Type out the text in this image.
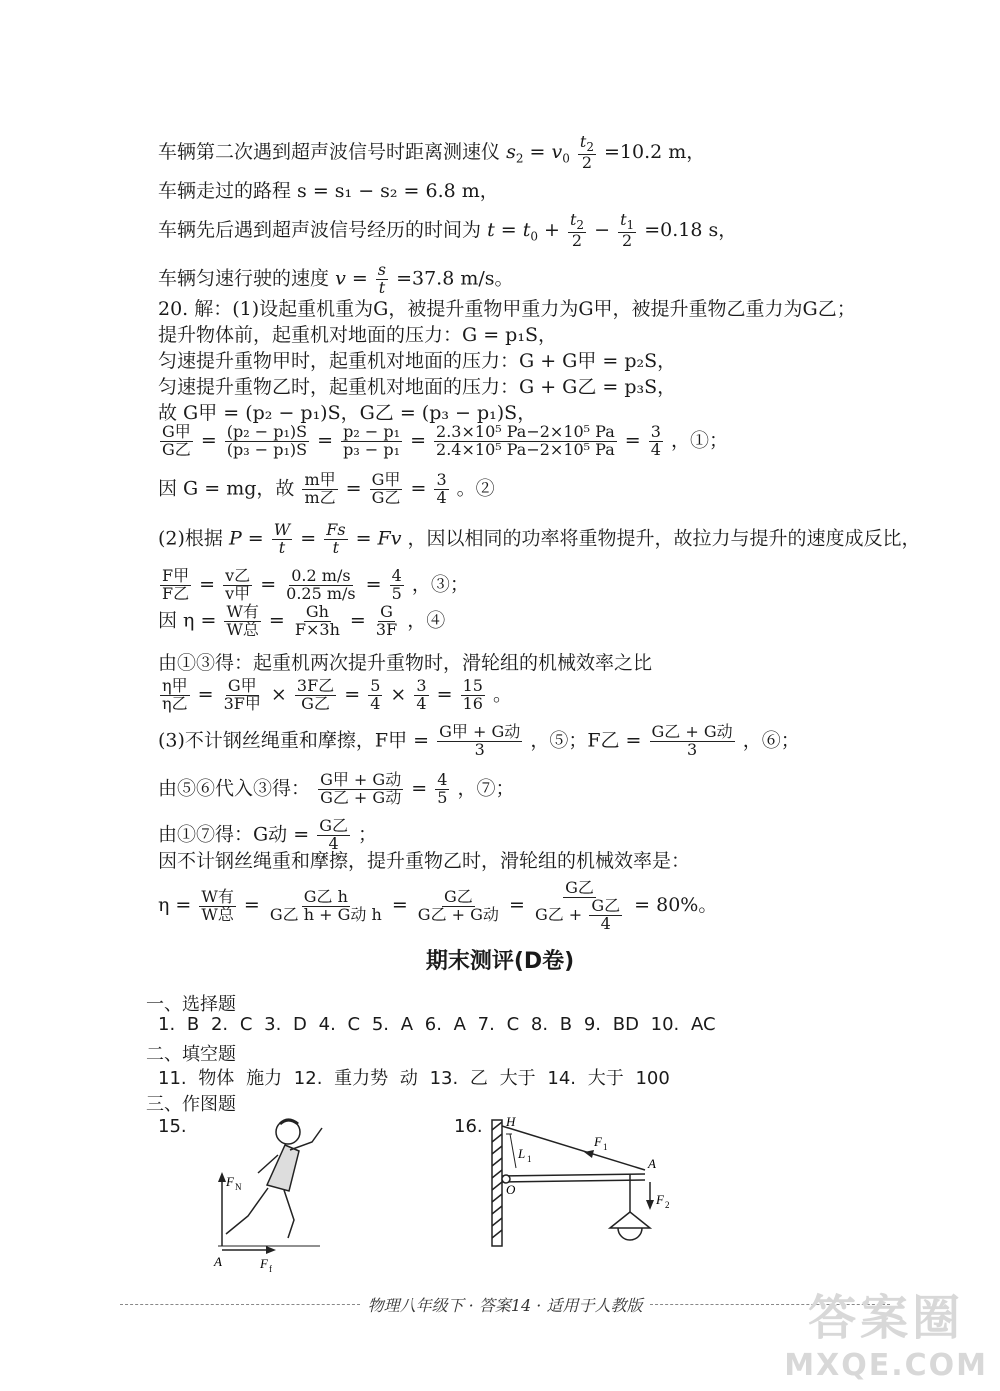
车辆第二次遇到超声波信号时距离测速仪 $s_2 = v_0 \frac{t_2}{2} =10.2$ m，
车辆走过的路程 s = s₁ − s₂ = 6.8 m，
车辆先后遇到超声波信号经历的时间为 $t = t_0 + \frac{t_2}{2} - \frac{t_1}{2} =0.18$ s，
车辆匀速行驶的速度 $v = \frac{s}{t} =37.8$ m/s。
20. 解：(1)设起重机重为G，被提升重物甲重力为G甲，被提升重物乙重力为G乙；
提升物体前，起重机对地面的压力：G = p₁S，
匀速提升重物甲时，起重机对地面的压力：G + G甲 = p₂S，
匀速提升重物乙时，起重机对地面的压力：G + G乙 = p₃S，
故 G甲 = (p₂ − p₁)S，G乙 = (p₃ − p₁)S，
G甲
G乙 = $\frac{\text{(p₂ − p₁)S}}{\text{(p₃ − p₁)S}} = \frac{\text{p₂ − p₁}}{\text{p₃ − p₁}} = \frac{\text{2.3×10⁵ Pa−2×10⁵ Pa}}{\text{2.4×10⁵ Pa−2×10⁵ Pa}} = \frac{3}{4}$ ，①；
因 G = mg，故 m甲
m乙 = G甲
G乙 = $\frac{3}{4}$ 。②
(2)根据 $P = \frac{W}{t} = \frac{Fs}{t} = Fv$ ，因以相同的功率将重物提升，故拉力与提升的速度成反比，
F甲
F乙 = v乙
v甲 = $\frac{0.2 m/s}{0.25 m/s} = \frac{4}{5}$ ，③；
因 η = W有
W总 = $\frac{Gh}{F\times 3h} = \frac{G}{3F}$ ，④
由①③得：起重机两次提升重物时，滑轮组的机械效率之比
η甲
η乙 = G甲
3F甲 × 3F乙
G乙 = $\frac{5}{4} \times \frac{3}{4} = \frac{15}{16}$ 。
(3)不计钢丝绳重和摩擦，F甲 = G甲 + G动
3 ，⑤；F乙 = G乙 + G动
3 ，⑥；
由⑤⑥代入③得： G甲 + G动
G乙 + G动 = $\frac{4}{5}$ ，⑦；
由①⑦得：G动 = G乙
4 ；
因不计钢丝绳重和摩擦，提升重物乙时，滑轮组的机械效率是：
η = W有
W总 = G乙 h
G乙 h + G动 h = G乙
G乙 + G动 =
G乙
G乙 + G乙
4
= 80%。
期末测评(D卷)
一、选择题
1. B 2. C 3. D 4. C 5. A 6. A 7. C 8. B 9. BD 10. AC
二、填空题
11. 物体 施力 12. 重力势 动 13. 乙 大于 14. 大于 100
三、作图题
15.	16.
F N
F f
A
H
L 1
F 1
A
O
F 2
物理八年级下 · 答案14 · 适用于人教版	答案圈
MXQE.COM
